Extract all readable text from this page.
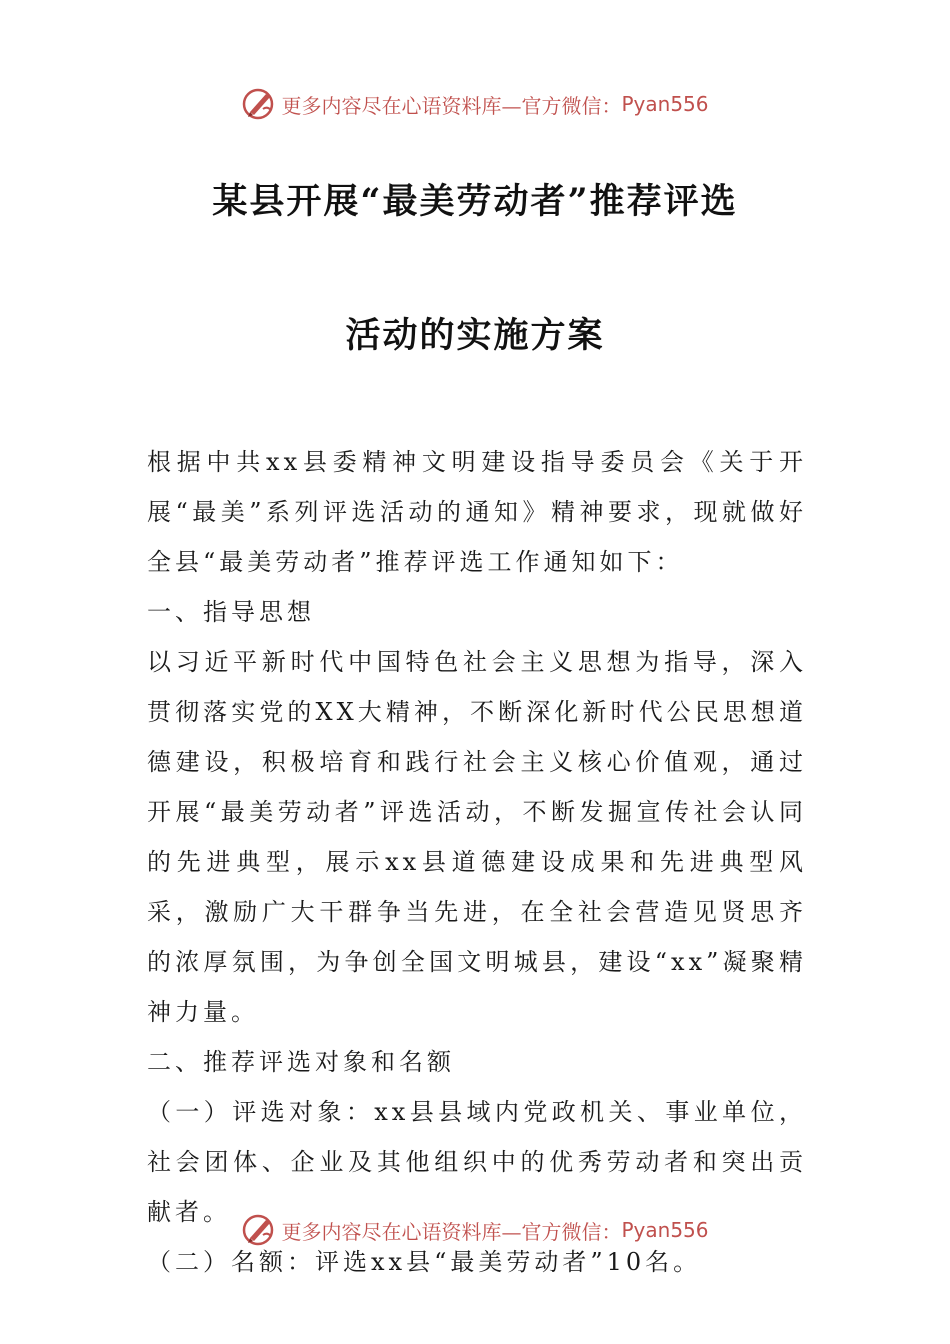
更多内容尽在心语资料库—官方微信： Pyan556
某县开展“最美劳动者”推荐评选
活动的实施方案

根据中共xx县委精神文明建设指导委员会《关于开展“最美”系列评选活动的通知》精神要求，现就做好全县“最美劳动者”推荐评选工作通知如下：

一、指导思想

以习近平新时代中国特色社会主义思想为指导，深入贯彻落实党的XX大精神，不断深化新时代公民思想道德建设，积极培育和践行社会主义核心价值观，通过开展“最美劳动者”评选活动，不断发掘宣传社会认同的先进典型，展示xx县道德建设成果和先进典型风采，激励广大干群争当先进，在全社会营造见贤思齐的浓厚氛围，为争创全国文明城县，建设“xx”凝聚精神力量。

二、推荐评选对象和名额

（一）评选对象：xx县县域内党政机关、事业单位，社会团体、企业及其他组织中的优秀劳动者和突出贡献者。

（二）名额：评选xx县“最美劳动者”10名。

更多内容尽在心语资料库—官方微信： Pyan556
